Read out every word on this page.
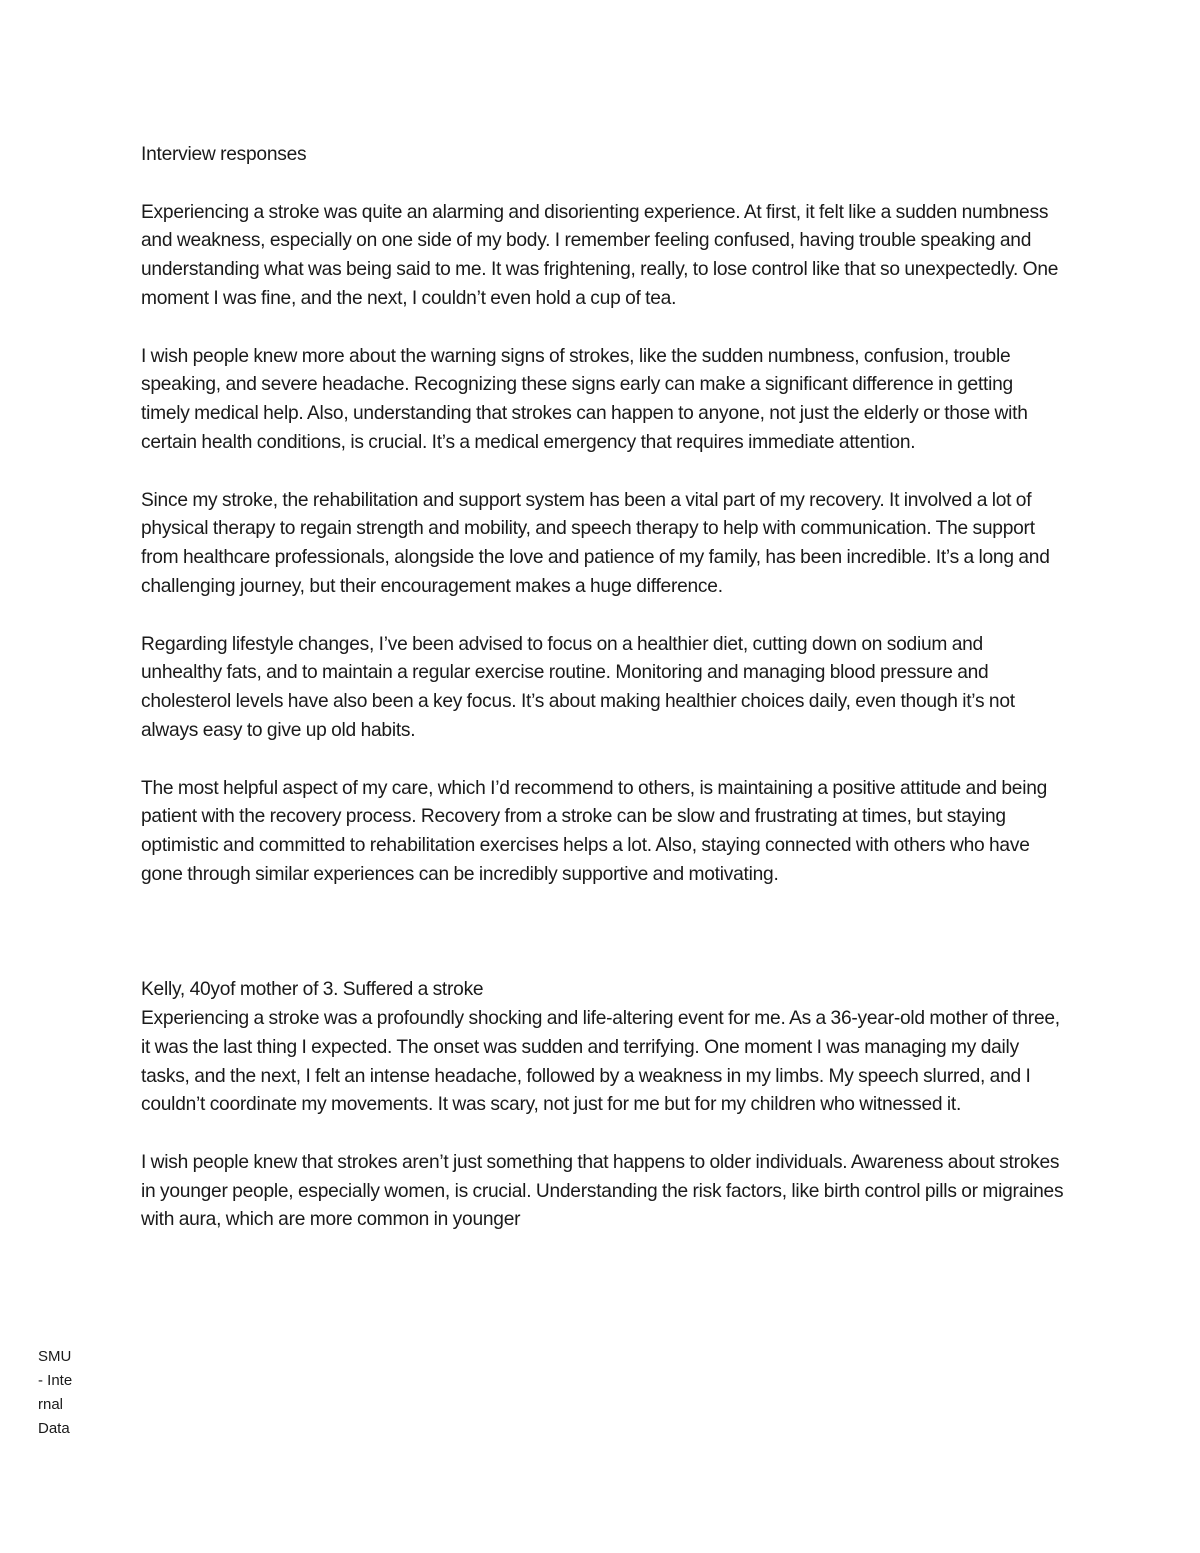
Interview responses

Experiencing a stroke was quite an alarming and disorienting experience. At first, it felt like a sudden numbness and weakness, especially on one side of my body. I remember feeling confused, having trouble speaking and understanding what was being said to me. It was frightening, really, to lose control like that so unexpectedly. One moment I was fine, and the next, I couldn’t even hold a cup of tea.

I wish people knew more about the warning signs of strokes, like the sudden numbness, confusion, trouble speaking, and severe headache. Recognizing these signs early can make a significant difference in getting timely medical help. Also, understanding that strokes can happen to anyone, not just the elderly or those with certain health conditions, is crucial. It’s a medical emergency that requires immediate attention.

Since my stroke, the rehabilitation and support system has been a vital part of my recovery. It involved a lot of physical therapy to regain strength and mobility, and speech therapy to help with communication. The support from healthcare professionals, alongside the love and patience of my family, has been incredible. It’s a long and challenging journey, but their encouragement makes a huge difference.

Regarding lifestyle changes, I’ve been advised to focus on a healthier diet, cutting down on sodium and unhealthy fats, and to maintain a regular exercise routine. Monitoring and managing blood pressure and cholesterol levels have also been a key focus. It’s about making healthier choices daily, even though it’s not always easy to give up old habits.

The most helpful aspect of my care, which I’d recommend to others, is maintaining a positive attitude and being patient with the recovery process. Recovery from a stroke can be slow and frustrating at times, but staying optimistic and committed to rehabilitation exercises helps a lot. Also, staying connected with others who have gone through similar experiences can be incredibly supportive and motivating.

Kelly, 40yof mother of 3. Suffered a stroke

Experiencing a stroke was a profoundly shocking and life-altering event for me. As a 36-year-old mother of three, it was the last thing I expected. The onset was sudden and terrifying. One moment I was managing my daily tasks, and the next, I felt an intense headache, followed by a weakness in my limbs. My speech slurred, and I couldn’t coordinate my movements. It was scary, not just for me but for my children who witnessed it.

I wish people knew that strokes aren’t just something that happens to older individuals. Awareness about strokes in younger people, especially women, is crucial. Understanding the risk factors, like birth control pills or migraines with aura, which are more common in younger

SMU - Internal Data
